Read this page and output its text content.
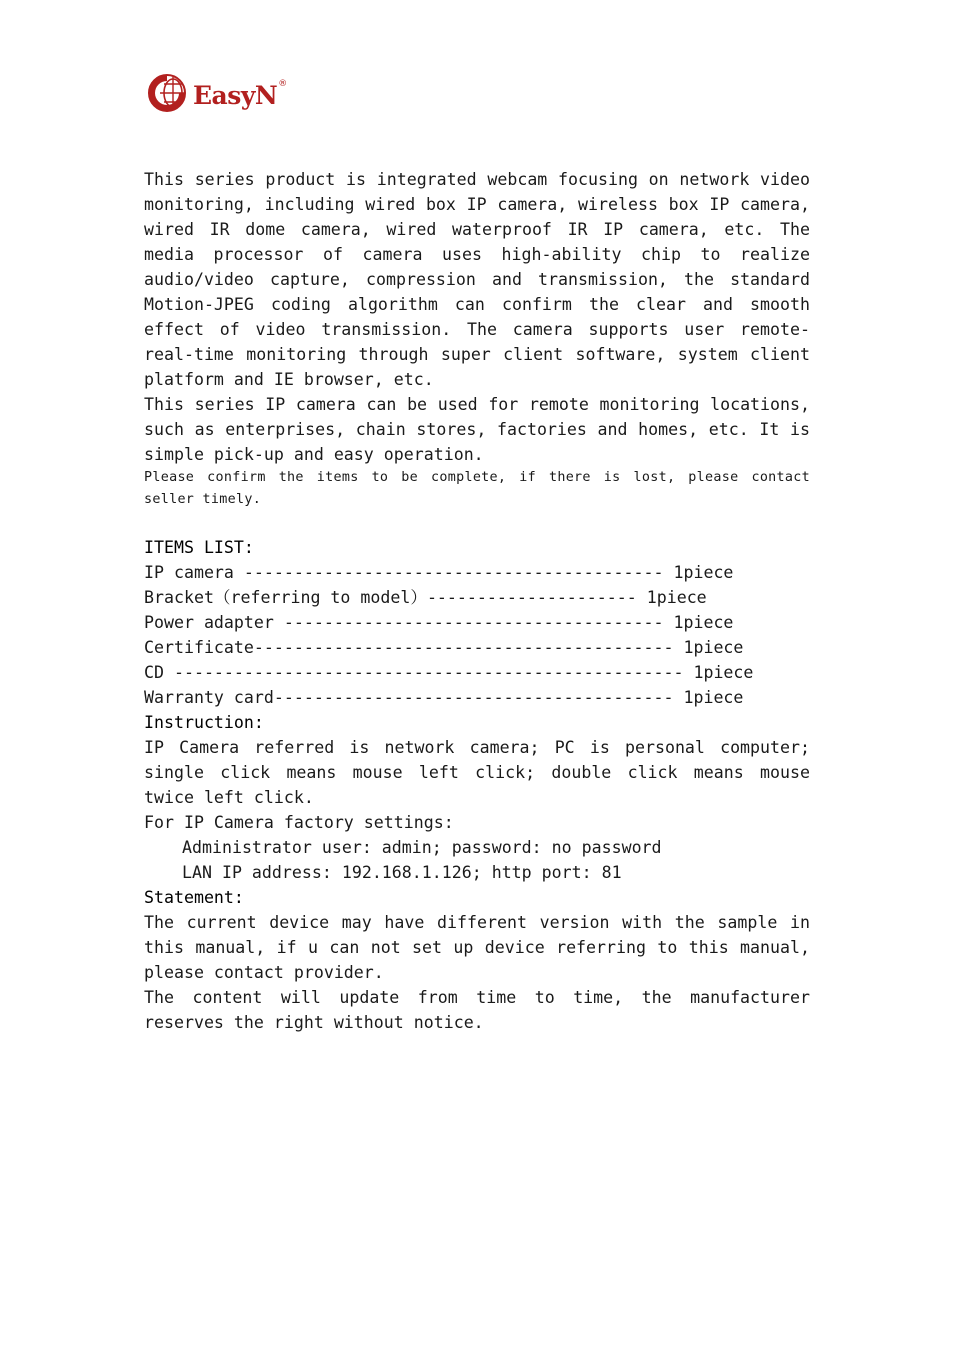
EasyN ®

This series product is integrated webcam focusing on network video monitoring, including wired box IP camera, wireless box IP camera, wired IR dome camera, wired waterproof IR IP camera, etc. The media processor of camera uses high-ability chip to realize audio/video capture, compression and transmission, the standard Motion-JPEG coding algorithm can confirm the clear and smooth effect of video transmission. The camera supports user remote-real-time monitoring through super client software, system client platform and IE browser, etc.

This series IP camera can be used for remote monitoring locations, such as enterprises, chain stores, factories and homes, etc. It is simple pick-up and easy operation.

Please confirm the items to be complete, if there is lost, please contact seller timely.

ITEMS LIST:

IP camera ------------------------------------------ 1piece

Bracket（referring to model）--------------------- 1piece

Power adapter -------------------------------------- 1piece

Certificate------------------------------------------ 1piece

CD --------------------------------------------------- 1piece

Warranty card---------------------------------------- 1piece

Instruction:

IP Camera referred is network camera; PC is personal computer; single click means mouse left click; double click means mouse twice left click.

For IP Camera factory settings:

Administrator user: admin; password: no password

LAN IP address: 192.168.1.126; http port: 81

Statement:

The current device may have different version with the sample in this manual, if u can not set up device referring to this manual, please contact provider.

The content will update from time to time, the manufacturer reserves the right without notice.
